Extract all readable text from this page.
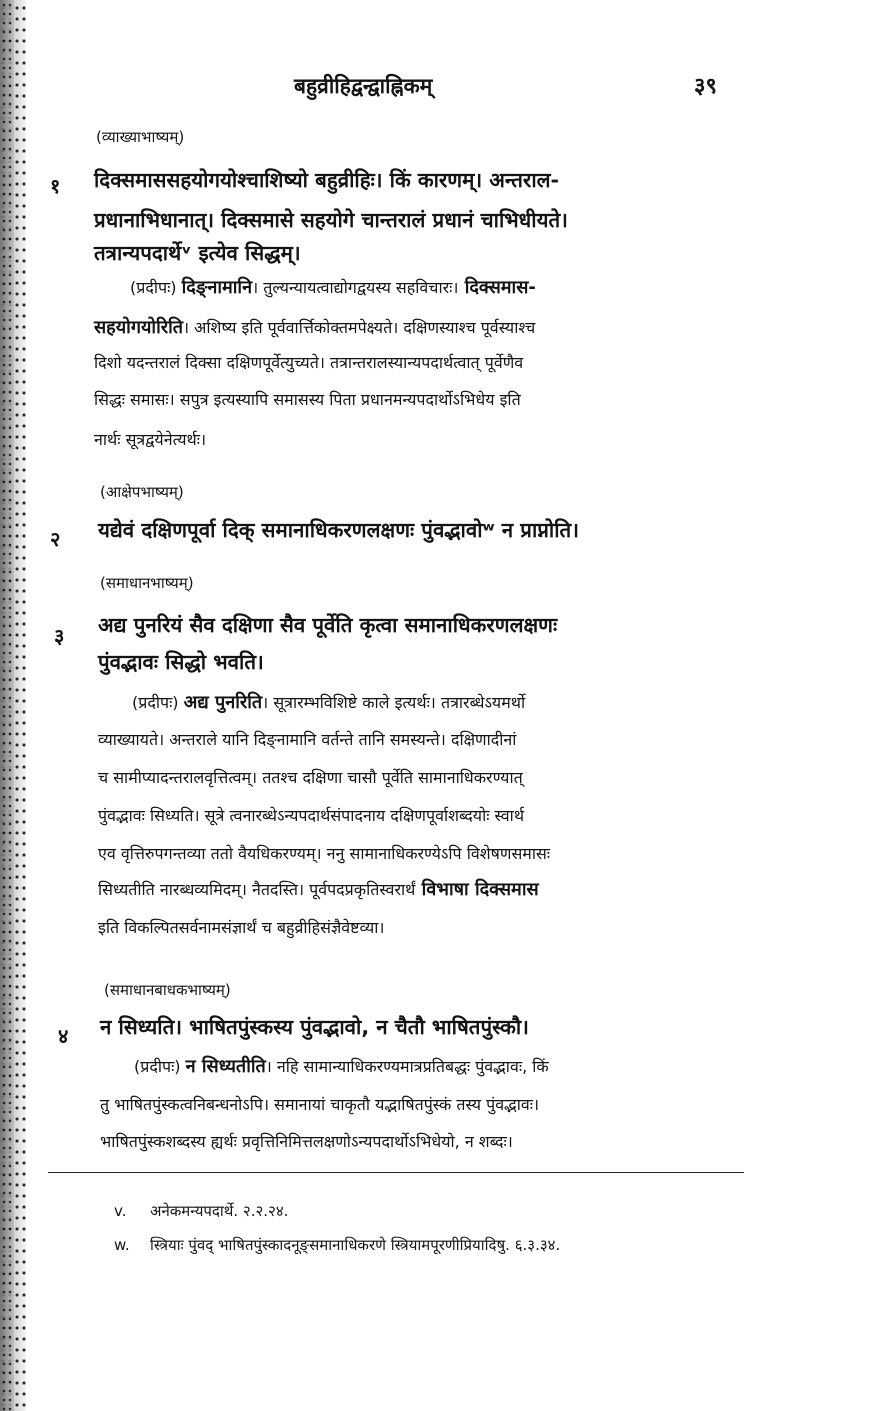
बहुव्रीहिद्वन्द्वाह्निकम्	३९
(व्याख्याभाष्यम्)
१ दिक्समाससहयोगयोश्चाशिष्यो बहुव्रीहिः। किं कारणम्। अन्तराल-
प्रधानाभिधानात्। दिक्समासे सहयोगे चान्तरालं प्रधानं चाभिधीयते।
तत्रान्यपदार्थेᵛ इत्येव सिद्धम्।
(प्रदीपः) दिङ्नामानि। तुल्यन्यायत्वाद्योगद्वयस्य सहविचारः। दिक्समास-
सहयोगयोरिति। अशिष्य इति पूर्ववार्त्तिकोक्तमपेक्ष्यते। दक्षिणस्याश्च पूर्वस्याश्च
दिशो यदन्तरालं दिक्सा दक्षिणपूर्वेत्युच्यते। तत्रान्तरालस्यान्यपदार्थत्वात् पूर्वेणैव
सिद्धः समासः। सपुत्र इत्यस्यापि समासस्य पिता प्रधानमन्यपदार्थोऽभिधेय इति
नार्थः सूत्रद्वयेनेत्यर्थः।
(आक्षेपभाष्यम्)
२ यद्येवं दक्षिणपूर्वा दिक् समानाधिकरणलक्षणः पुंवद्भावोʷ न प्राप्नोति।
(समाधानभाष्यम्)
३ अद्य पुनरियं सैव दक्षिणा सैव पूर्वेति कृत्वा समानाधिकरणलक्षणः
पुंवद्भावः सिद्धो भवति।
(प्रदीपः) अद्य पुनरिति। सूत्रारम्भविशिष्टे काले इत्यर्थः। तत्रारब्धेऽयमर्थो
व्याख्यायते। अन्तराले यानि दिङ्नामानि वर्तन्ते तानि समस्यन्ते। दक्षिणादीनां
च सामीप्यादन्तरालवृत्तित्वम्। ततश्च दक्षिणा चासौ पूर्वेति सामानाधिकरण्यात्
पुंवद्भावः सिध्यति। सूत्रे त्वनारब्धेऽन्यपदार्थसंपादनाय दक्षिणपूर्वाशब्दयोः स्वार्थ
एव वृत्तिरुपगन्तव्या ततो वैयधिकरण्यम्। ननु सामानाधिकरण्येऽपि विशेषणसमासः
सिध्यतीति नारब्धव्यमिदम्। नैतदस्ति। पूर्वपदप्रकृतिस्वरार्थं विभाषा दिक्समास
इति विकल्पितसर्वनामसंज्ञार्थं च बहुव्रीहिसंज्ञैवेष्टव्या।
(समाधानबाधकभाष्यम्)
४ न सिध्यति। भाषितपुंस्कस्य पुंवद्भावो, न चैतौ भाषितपुंस्कौ।
(प्रदीपः) न सिध्यतीति। नहि सामान्याधिकरण्यमात्रप्रतिबद्धः पुंवद्भावः, किं
तु भाषितपुंस्कत्वनिबन्धनोऽपि। समानायां चाकृतौ यद्भाषितपुंस्कं तस्य पुंवद्भावः।
भाषितपुंस्कशब्दस्य ह्यर्थः प्रवृत्तिनिमित्तलक्षणोऽन्यपदार्थोऽभिधेयो, न शब्दः।
v. अनेकमन्यपदार्थे. २.२.२४.
w. स्त्रियाः पुंवद् भाषितपुंस्कादनूङ्समानाधिकरणे स्त्रियामपूरणीप्रियादिषु. ६.३.३४.
